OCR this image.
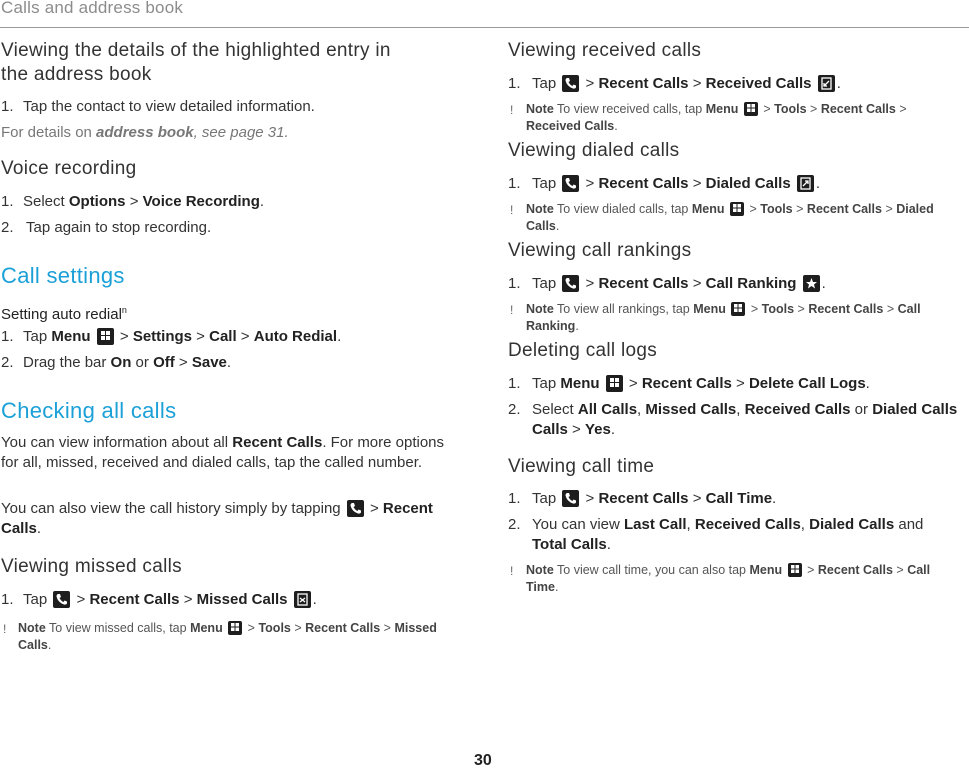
Calls and address book
Viewing the details of the highlighted entry in
the address book
1. Tap the contact to view detailed information.
For details on address book, see page 31.
Voice recording
1. Select Options > Voice Recording.
2. Tap again to stop recording.
Call settings
Setting auto redial$^n$
1. Tap Menu > Settings > Call > Auto Redial.
2. Drag the bar On or Off > Save.
Checking all calls
You can view information about all Recent Calls. For more options for all, missed, received and dialed calls, tap the called number.
You can also view the call history simply by tapping
> Recent Calls.
Viewing missed calls
1. Tap > Recent Calls > Missed Calls .
! Note To view missed calls, tap Menu > Tools > Recent Calls > Missed Calls.
Viewing received calls
1. Tap > Recent Calls > Received Calls .
! Note To view received calls, tap Menu > Tools > Recent Calls > Received Calls.
Viewing dialed calls
1. Tap > Recent Calls > Dialed Calls .
! Note To view dialed calls, tap Menu > Tools > Recent Calls > Dialed Calls.
Viewing call rankings
1. Tap > Recent Calls > Call Ranking .
! Note To view all rankings, tap Menu > Tools > Recent Calls > Call Ranking.
Deleting call logs
1. Tap Menu > Recent Calls > Delete Call Logs.
2. Select All Calls, Missed Calls, Received Calls or Dialed Calls
Calls > Yes.
Viewing call time
1. Tap > Recent Calls > Call Time.
2. You can view Last Call, Received Calls, Dialed Calls and
Total Calls.
! Note To view call time, you can also tap Menu > Recent Calls > Call Time.
30
